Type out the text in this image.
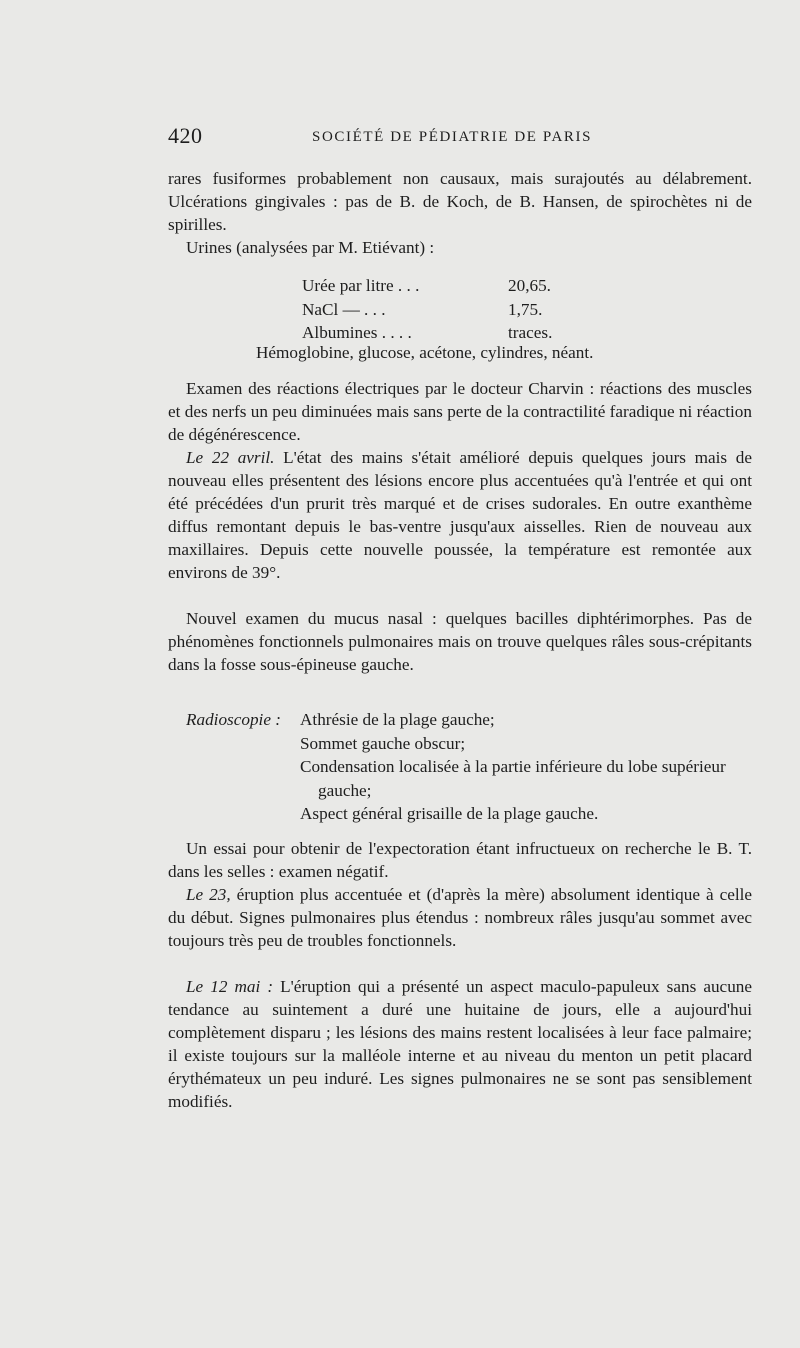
420	SOCIÉTÉ DE PÉDIATRIE DE PARIS

rares fusiformes probablement non causaux, mais surajoutés au délabrement. Ulcérations gingivales : pas de B. de Koch, de B. Hansen, de spirochètes ni de spirilles.

Urines (analysées par M. Etiévant) :

Urée par litre . . .	20,65.
NaCl — . . .	1,75.
Albumines . . . .	traces.
Hémoglobine, glucose, acétone, cylindres, néant.

Examen des réactions électriques par le docteur Charvin : réactions des muscles et des nerfs un peu diminuées mais sans perte de la contractilité faradique ni réaction de dégénérescence.

Le 22 avril. L'état des mains s'était amélioré depuis quelques jours mais de nouveau elles présentent des lésions encore plus accentuées qu'à l'entrée et qui ont été précédées d'un prurit très marqué et de crises sudorales. En outre exanthème diffus remontant depuis le bas-ventre jusqu'aux aisselles. Rien de nouveau aux maxillaires. Depuis cette nouvelle poussée, la température est remontée aux environs de 39°.

Nouvel examen du mucus nasal : quelques bacilles diphtérimorphes. Pas de phénomènes fonctionnels pulmonaires mais on trouve quelques râles sous-crépitants dans la fosse sous-épineuse gauche.

Radioscopie : Athrésie de la plage gauche;
Sommet gauche obscur;
Condensation localisée à la partie inférieure du lobe supérieur gauche;
Aspect général grisaille de la plage gauche.

Un essai pour obtenir de l'expectoration étant infructueux on recherche le B. T. dans les selles : examen négatif.

Le 23, éruption plus accentuée et (d'après la mère) absolument identique à celle du début. Signes pulmonaires plus étendus : nombreux râles jusqu'au sommet avec toujours très peu de troubles fonctionnels.

Le 12 mai : L'éruption qui a présenté un aspect maculo-papuleux sans aucune tendance au suintement a duré une huitaine de jours, elle a aujourd'hui complètement disparu ; les lésions des mains restent localisées à leur face palmaire; il existe toujours sur la malléole interne et au niveau du menton un petit placard érythémateux un peu induré. Les signes pulmonaires ne se sont pas sensiblement modifiés.
